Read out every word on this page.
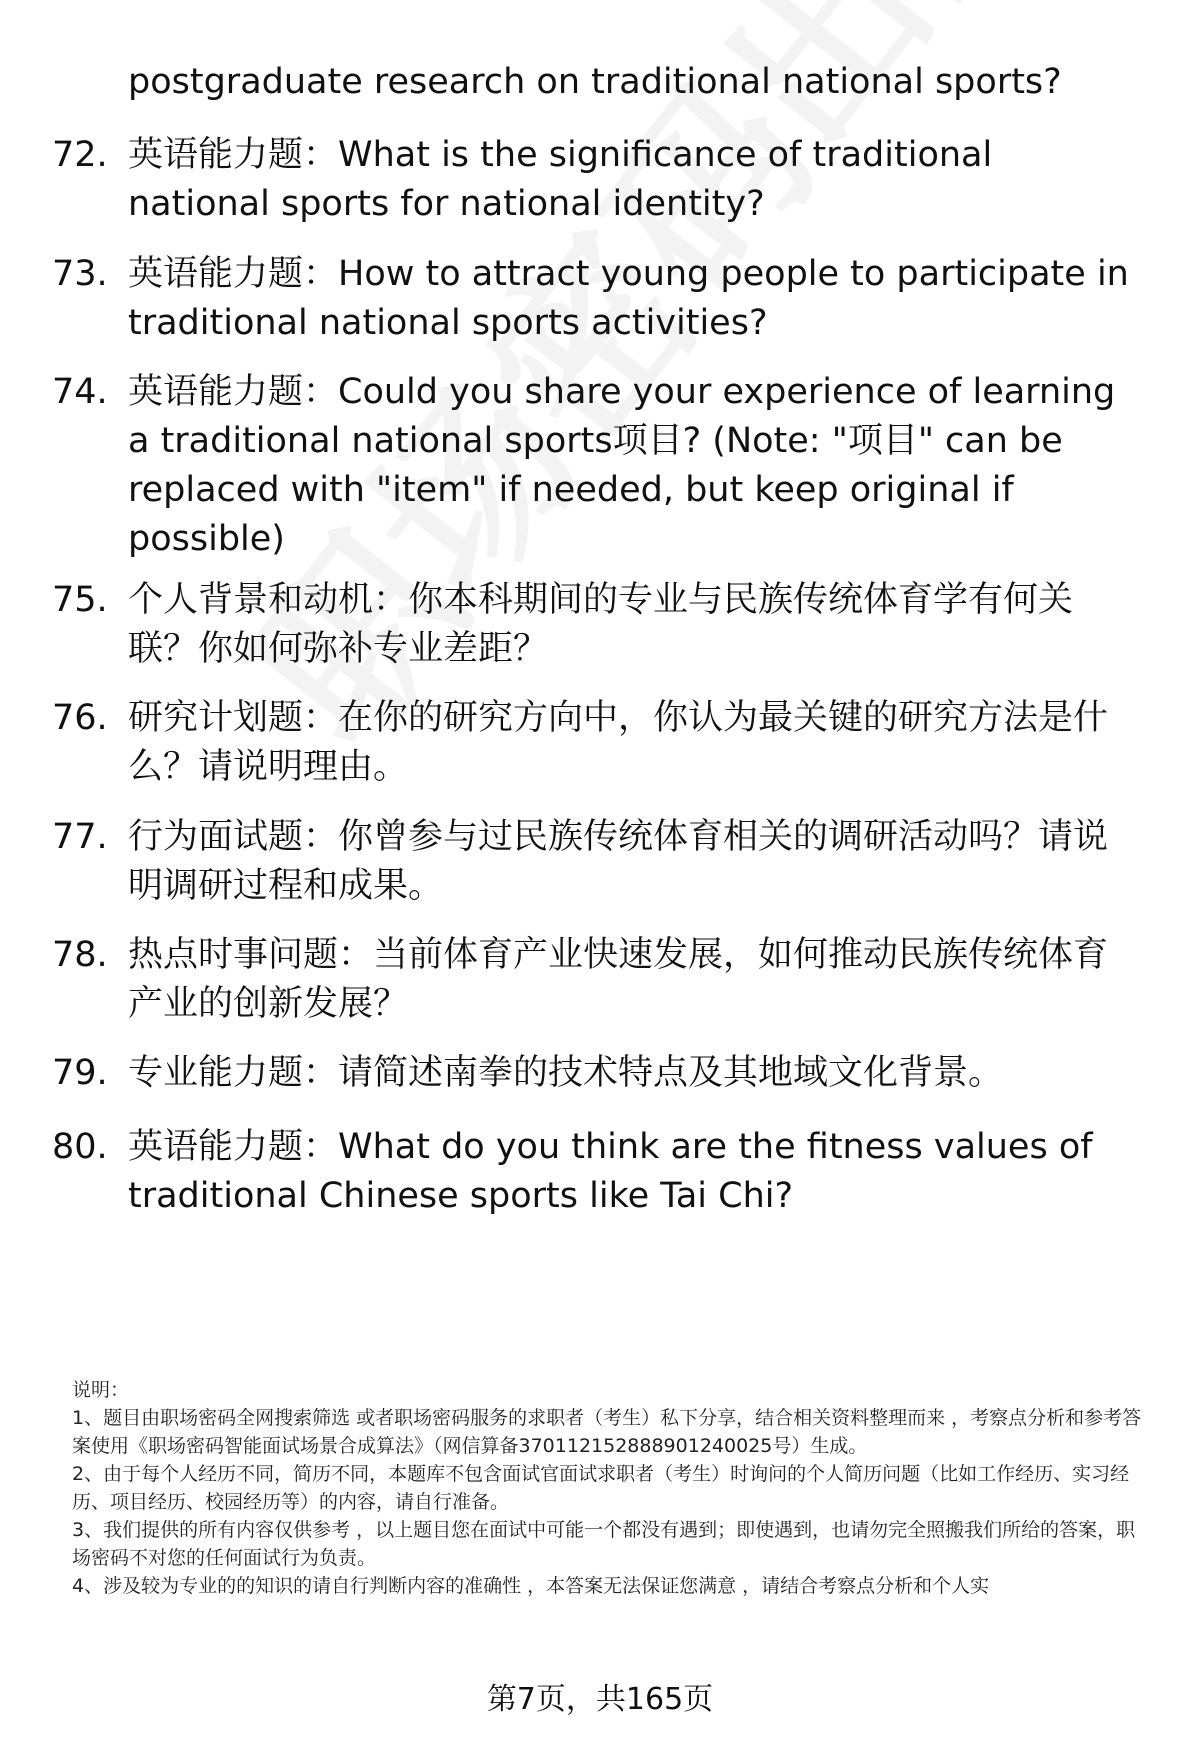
postgraduate research on traditional national sports?
72. 英语能力题：What is the significance of traditional national sports for national identity?
73. 英语能力题：How to attract young people to participate in traditional national sports activities?
74. 英语能力题：Could you share your experience of learning a traditional national sports项目? (Note: "项目" can be replaced with "item" if needed, but keep original if possible)
75. 个人背景和动机：你本科期间的专业与民族传统体育学有何关联？你如何弥补专业差距？
76. 研究计划题：在你的研究方向中，你认为最关键的研究方法是什么？请说明理由。
77. 行为面试题：你曾参与过民族传统体育相关的调研活动吗？请说明调研过程和成果。
78. 热点时事问题：当前体育产业快速发展，如何推动民族传统体育产业的创新发展？
79. 专业能力题：请简述南拳的技术特点及其地域文化背景。
80. 英语能力题：What do you think are the fitness values of traditional Chinese sports like Tai Chi?

说明：

1、题目由职场密码全网搜索筛选 或者职场密码服务的求职者（考生）私下分享，结合相关资料整理而来 ，考察点分析和参考答案使用《职场密码智能面试场景合成算法》（网信算备370112152888901240025号）生成。

2、由于每个人经历不同，简历不同，本题库不包含面试官面试求职者（考生）时询问的个人简历问题（比如工作经历、实习经历、项目经历、校园经历等）的内容，请自行准备。

3、我们提供的所有内容仅供参考 ，以上题目您在面试中可能一个都没有遇到；即使遇到，也请勿完全照搬我们所给的答案，职场密码不对您的任何面试行为负责。

4、涉及较为专业的的知识的请自行判断内容的准确性 ，本答案无法保证您满意 ，请结合考察点分析和个人实

第7页，共165页
